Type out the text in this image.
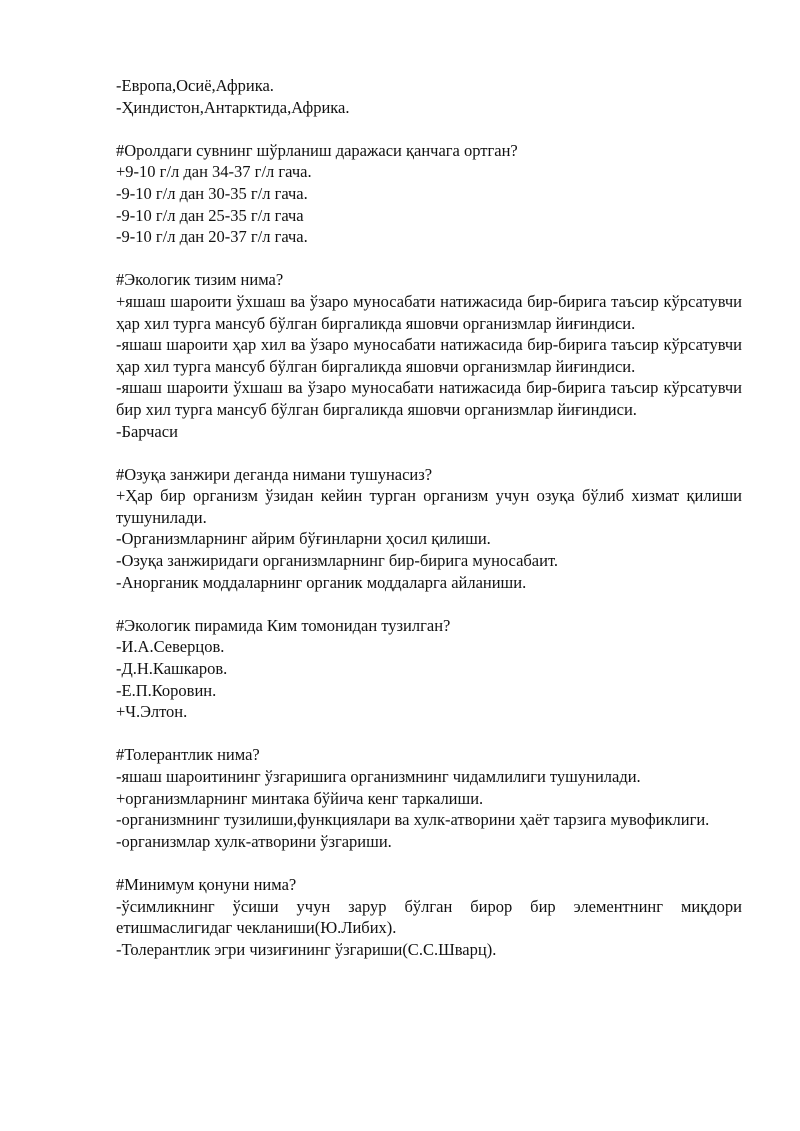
-Европа,Осиё,Африка.
-Ҳиндистон,Антарктида,Африка.
#Оролдаги сувнинг шўрланиш даражаси қанчага ортган?
+9-10 г/л дан 34-37 г/л гача.
-9-10 г/л дан 30-35 г/л гача.
-9-10 г/л дан 25-35 г/л гача
-9-10 г/л дан 20-37 г/л гача.
#Экологик тизим нима?
+яшаш шароити ўхшаш ва ўзаро муносабати натижасида бир-бирига таъсир кўрсатувчи ҳар хил турга мансуб бўлган биргаликда яшовчи организмлар йиғиндиси.
-яшаш шароити ҳар хил ва ўзаро муносабати натижасида бир-бирига таъсир кўрсатувчи ҳар хил турга мансуб бўлган биргаликда яшовчи организмлар йиғиндиси.
-яшаш шароити ўхшаш ва ўзаро муносабати натижасида бир-бирига таъсир кўрсатувчи бир хил турга мансуб бўлган биргаликда яшовчи организмлар йиғиндиси.
-Барчаси
#Озуқа занжири деганда нимани тушунасиз?
+Ҳар бир организм ўзидан кейин турган организм учун озуқа бўлиб хизмат қилиши тушунилади.
-Организмларнинг айрим бўғинларни ҳосил қилиши.
-Озуқа занжиридаги организмларнинг бир-бирига муносабаит.
-Анорганик моддаларнинг органик моддаларга айланиши.
#Экологик пирамида Ким томонидан тузилган?
-И.А.Северцов.
-Д.Н.Кашкаров.
-Е.П.Коровин.
+Ч.Элтон.
#Толерантлик нима?
-яшаш шароитининг ўзгаришига организмнинг чидамлилиги тушунилади.
+организмларнинг минтака бўйича кенг таркалиши.
-организмнинг тузилиши,функциялари ва хулк-атворини ҳаёт тарзига мувофиклиги.
-организмлар хулк-атворини ўзгариши.
#Минимум қонуни нима?
-ўсимликнинг ўсиши учун зарур бўлган бирор бир элементнинг миқдори етишмаслигидаг чекланиши(Ю.Либих).
-Толерантлик эгри чизиғининг ўзгариши(С.С.Шварц).
